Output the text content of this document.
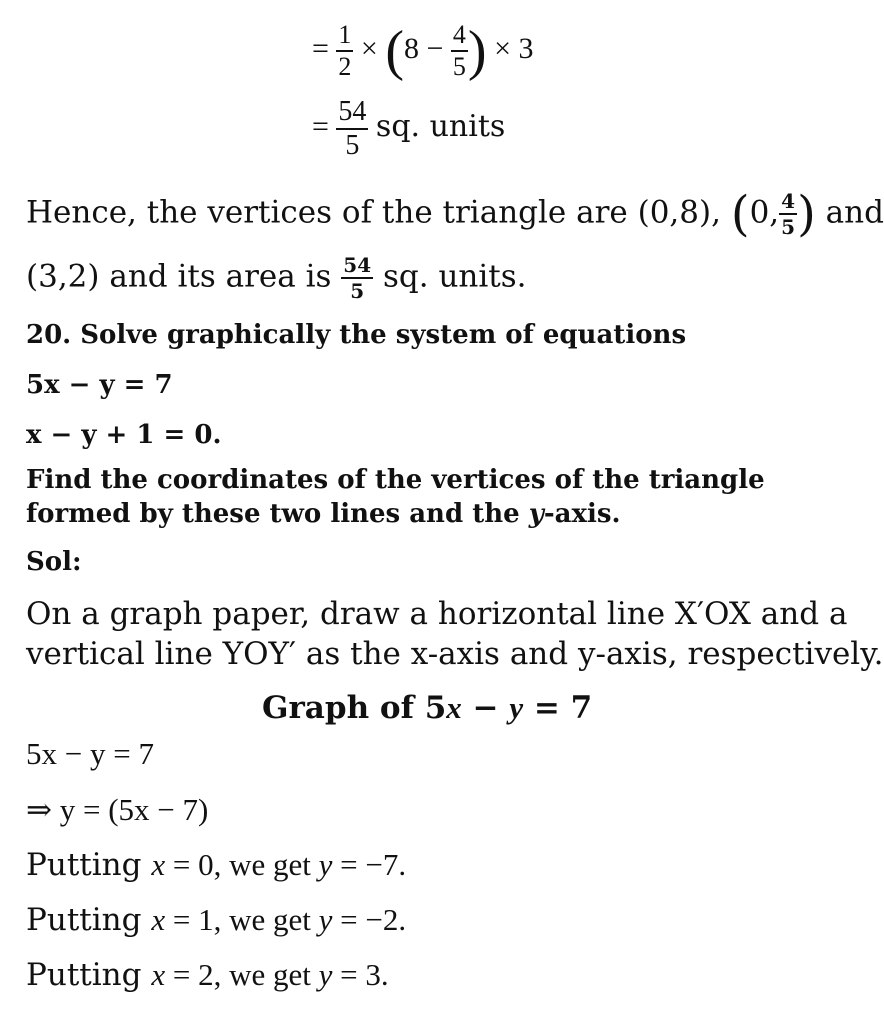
= $\frac{1}{2} \times (8 - \frac{4}{5}$ ) × 3
= $\frac{54}{5}$ sq. units
Hence, the vertices of the triangle are (0,8), (0, $\frac{4}{5}$ ) and
(3,2) and its area is $\frac{54}{5}$ sq. units.
20. Solve graphically the system of equations
5x − y = 7
x − y + 1 = 0.
Find the coordinates of the vertices of the triangle
formed by these two lines and the y-axis.
Sol:
On a graph paper, draw a horizontal line X′OX and a
vertical line YOY′ as the x-axis and y-axis, respectively.
Graph of 5x − y = 7
5x − y = 7
⇒ y = (5x − 7)
Putting x = 0, we get y = −7.
Putting x = 1, we get y = −2.
Putting x = 2, we get y = 3.
